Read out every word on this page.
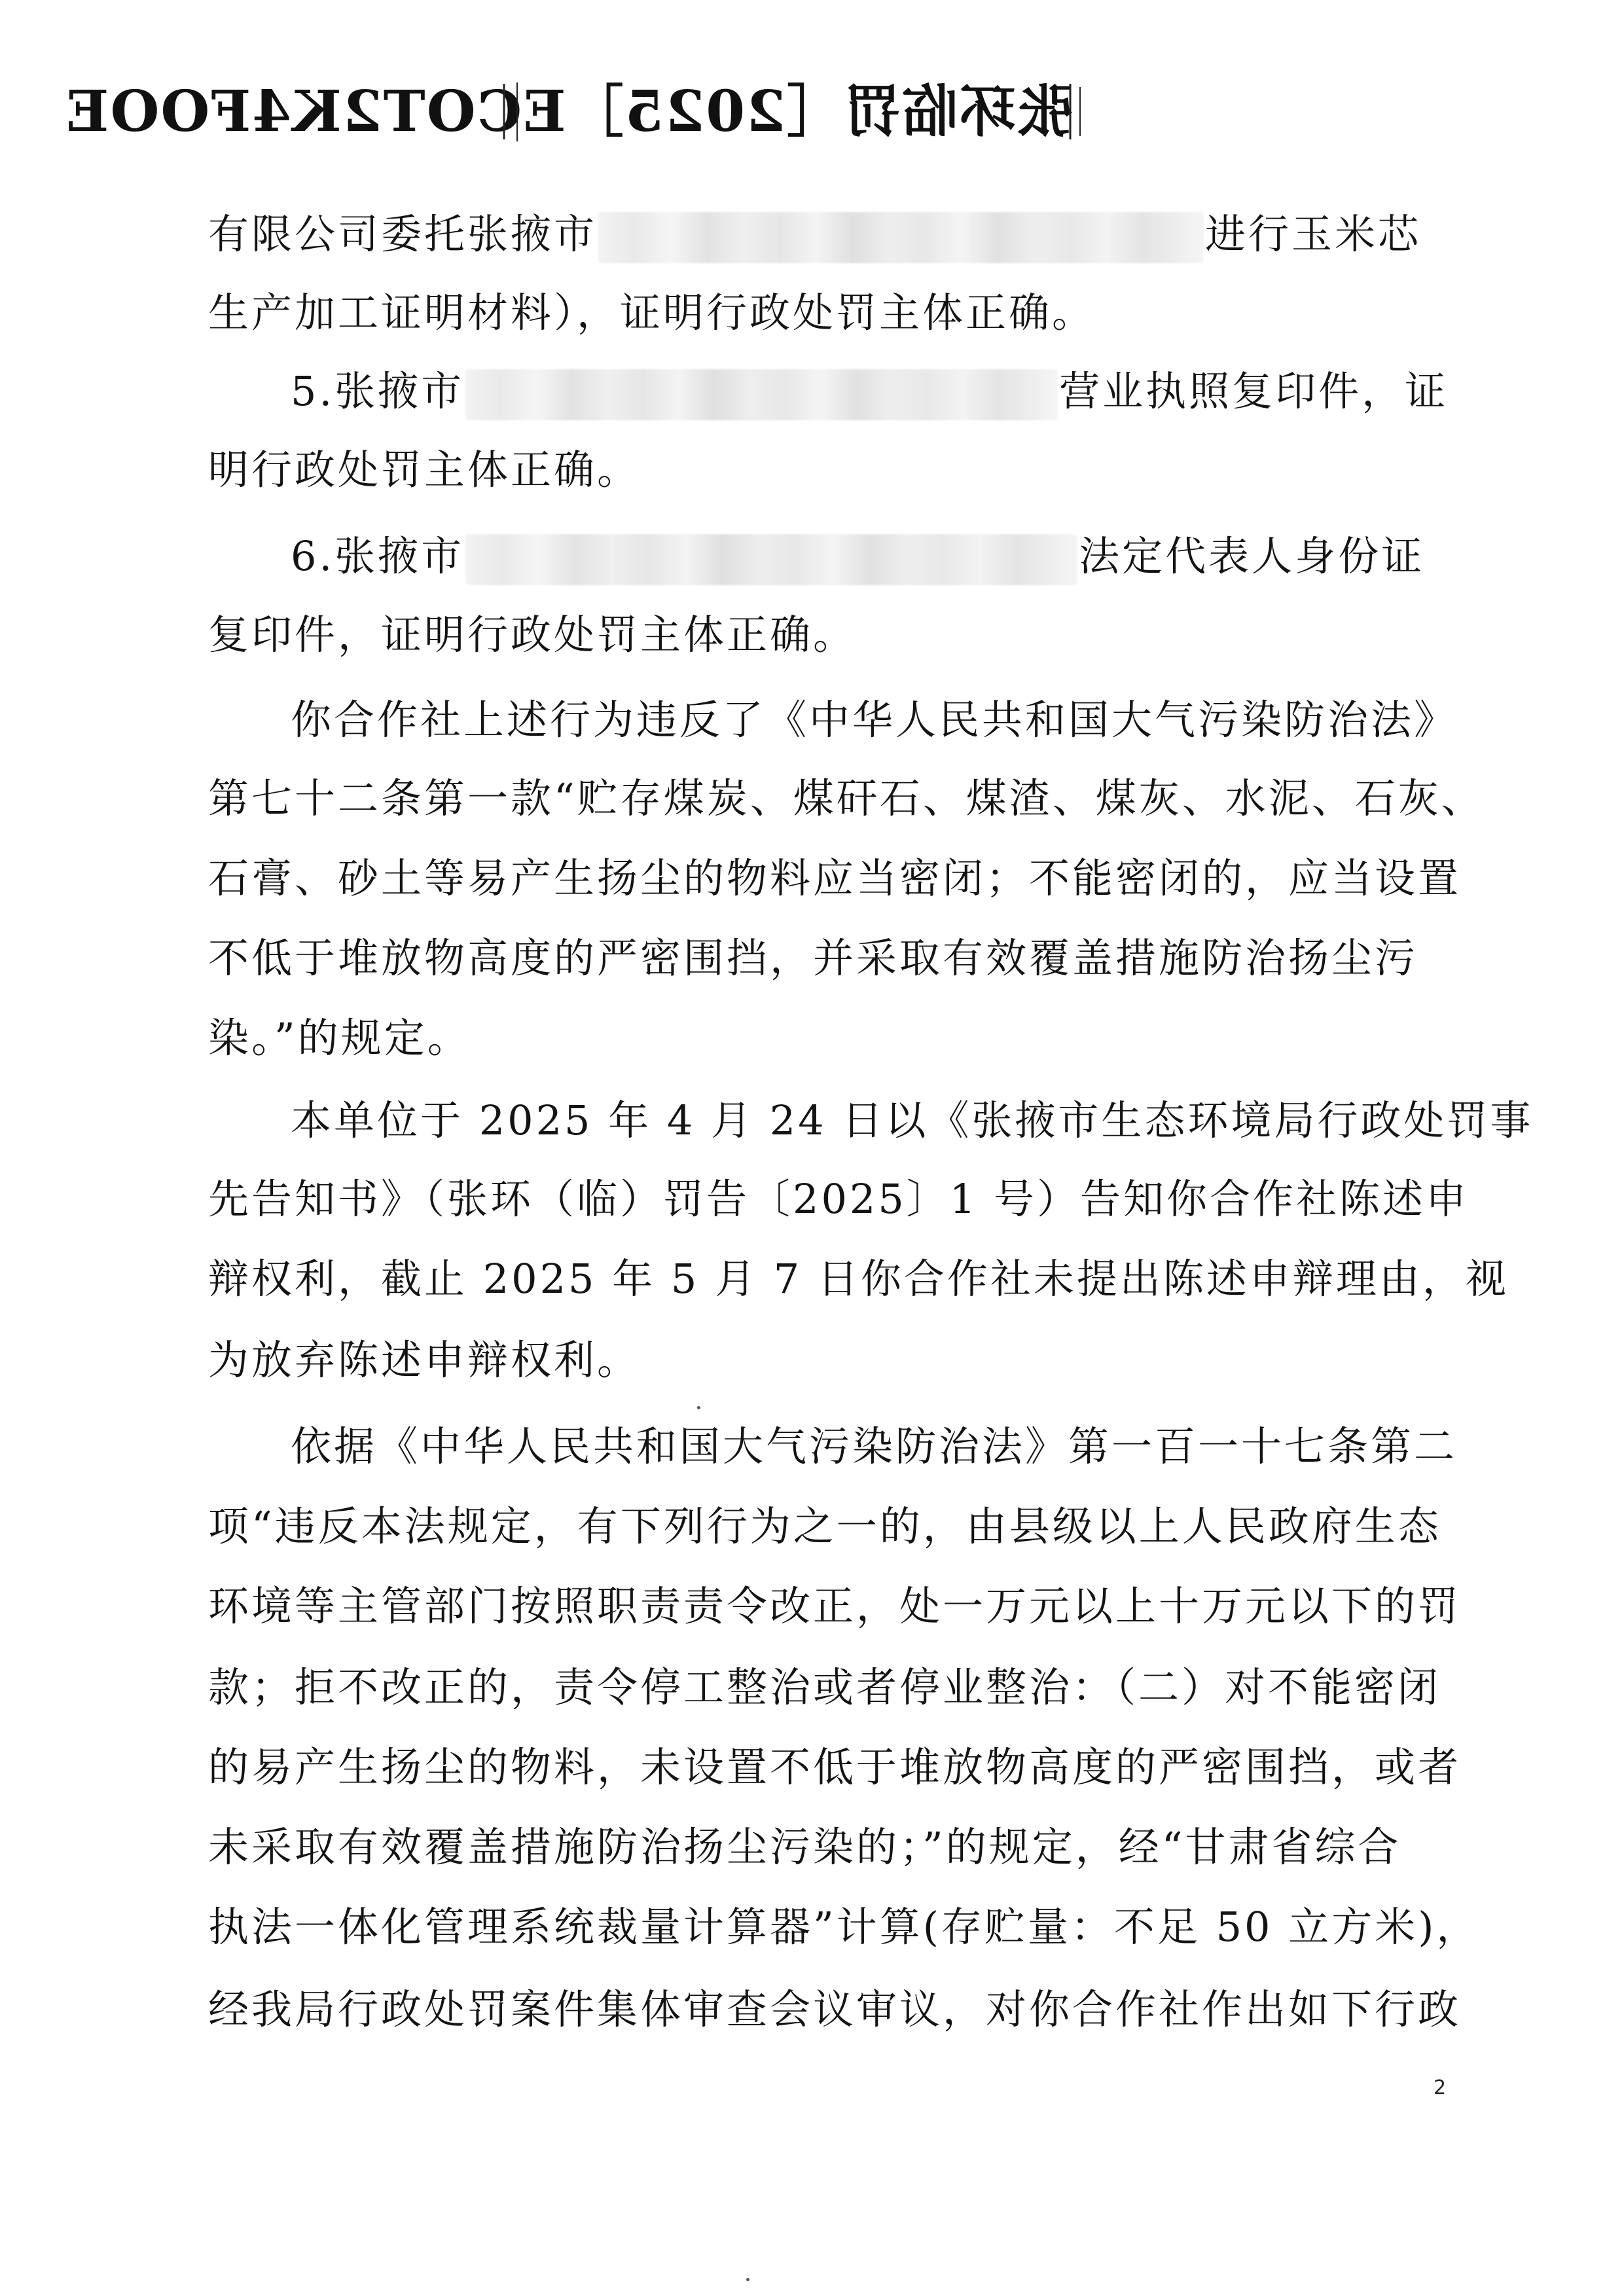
张环临罚［2025］ECOT2K4FOOE
有限公司委托张掖市	进行玉米芯
生产加工证明材料），证明行政处罚主体正确。
5.张掖市	营业执照复印件，证
明行政处罚主体正确。
6.张掖市	法定代表人身份证
复印件，证明行政处罚主体正确。
你合作社上述行为违反了《中华人民共和国大气污染防治法》
第七十二条第一款“贮存煤炭、煤矸石、煤渣、煤灰、水泥、石灰、
石膏、砂土等易产生扬尘的物料应当密闭；不能密闭的，应当设置
不低于堆放物高度的严密围挡，并采取有效覆盖措施防治扬尘污
染。”的规定。
本单位于 2025 年 4 月 24 日以《张掖市生态环境局行政处罚事
先告知书》（张环（临）罚告〔2025〕1 号）告知你合作社陈述申
辩权利，截止 2025 年 5 月 7 日你合作社未提出陈述申辩理由，视
为放弃陈述申辩权利。
依据《中华人民共和国大气污染防治法》第一百一十七条第二
项“违反本法规定，有下列行为之一的，由县级以上人民政府生态
环境等主管部门按照职责责令改正，处一万元以上十万元以下的罚
款；拒不改正的，责令停工整治或者停业整治：（二）对不能密闭
的易产生扬尘的物料，未设置不低于堆放物高度的严密围挡，或者
未采取有效覆盖措施防治扬尘污染的；”的规定，经“甘肃省综合
执法一体化管理系统裁量计算器”计算(存贮量：不足 50 立方米)，
经我局行政处罚案件集体审查会议审议，对你合作社作出如下行政
2
